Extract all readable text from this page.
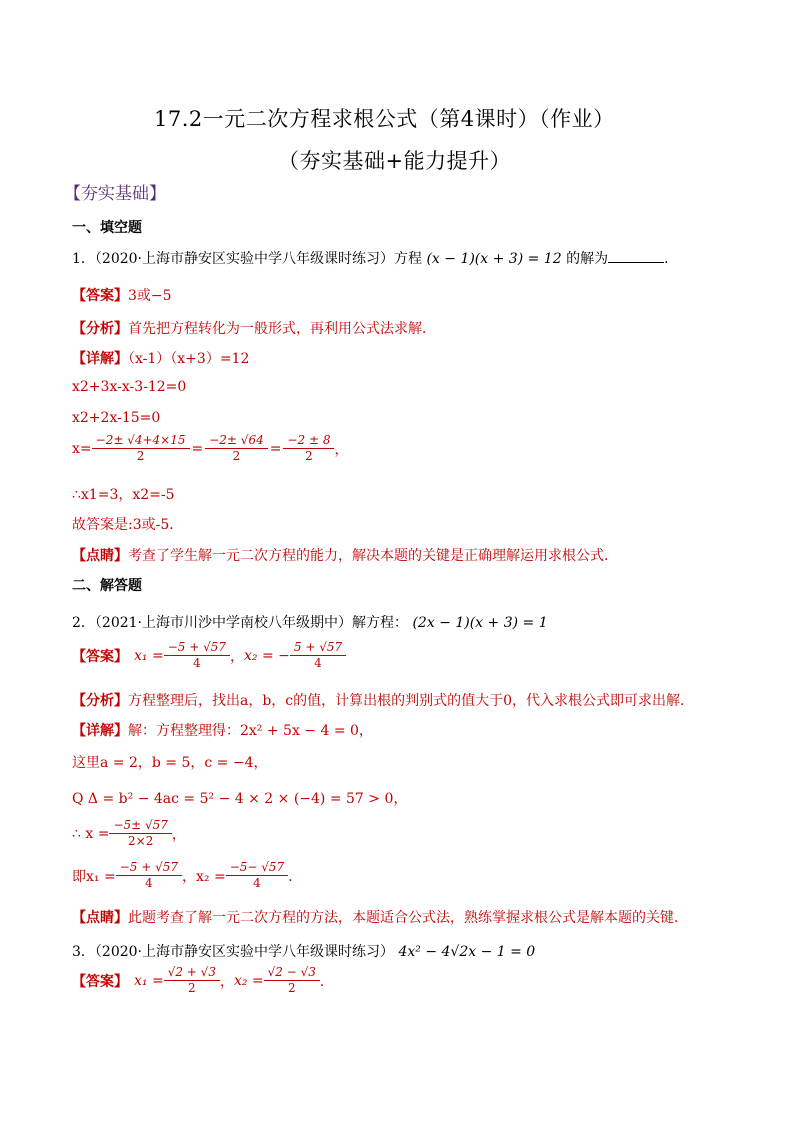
17.2一元二次方程求根公式（第4课时）（作业）
（夯实基础+能力提升）
【夯实基础】
一、填空题
1．（2020·上海市静安区实验中学八年级课时练习）方程 (x − 1)(x + 3) = 12 的解为	．
【答案】3或−5
【分析】首先把方程转化为一般形式，再利用公式法求解．
【详解】（x-1）（x+3）=12
x2+3x-x-3-12=0
x2+2x-15=0
$x= \frac{-2\pm √4+4\times 15}{2} = \frac{-2\pm √64}{2} = \frac{-2 \pm 8}{2}$ ，
∴x1=3，x2=-5
故答案是:3或-5．
【点睛】考查了学生解一元二次方程的能力，解决本题的关键是正确理解运用求根公式．
二、解答题
2．（2021·上海市川沙中学南校八年级期中）解方程： (2x − 1)(x + 3) = 1
【答案】 $x_1 = \frac{-5 + √57}{4}$ ， x₂ = − $\frac{5 + √57}{4}$
【分析】方程整理后，找出a，b，c的值，计算出根的判别式的值大于0，代入求根公式即可求出解．
【详解】解：方程整理得：2x² + 5x − 4 = 0，
这里a = 2，b = 5，c = −4，
Q Δ = b² − 4ac = 5² − 4 × 2 × (−4) = 57 > 0，
∴ $x = \frac{-5\pm √57}{2\times 2}$ ，
即$x_1 = \frac{-5 + √57}{4}$ ，$x_2 = \frac{-5- √57}{4}$ ．
【点睛】此题考查了解一元二次方程的方法，本题适合公式法，熟练掌握求根公式是解本题的关键．
3．（2020·上海市静安区实验中学八年级课时练习） 4x² − 4√2x − 1 = 0
【答案】 $x_1 = \frac{√2 + √3}{2}$ ， $x_2 = \frac{√2 - √3}{2}$ ．
